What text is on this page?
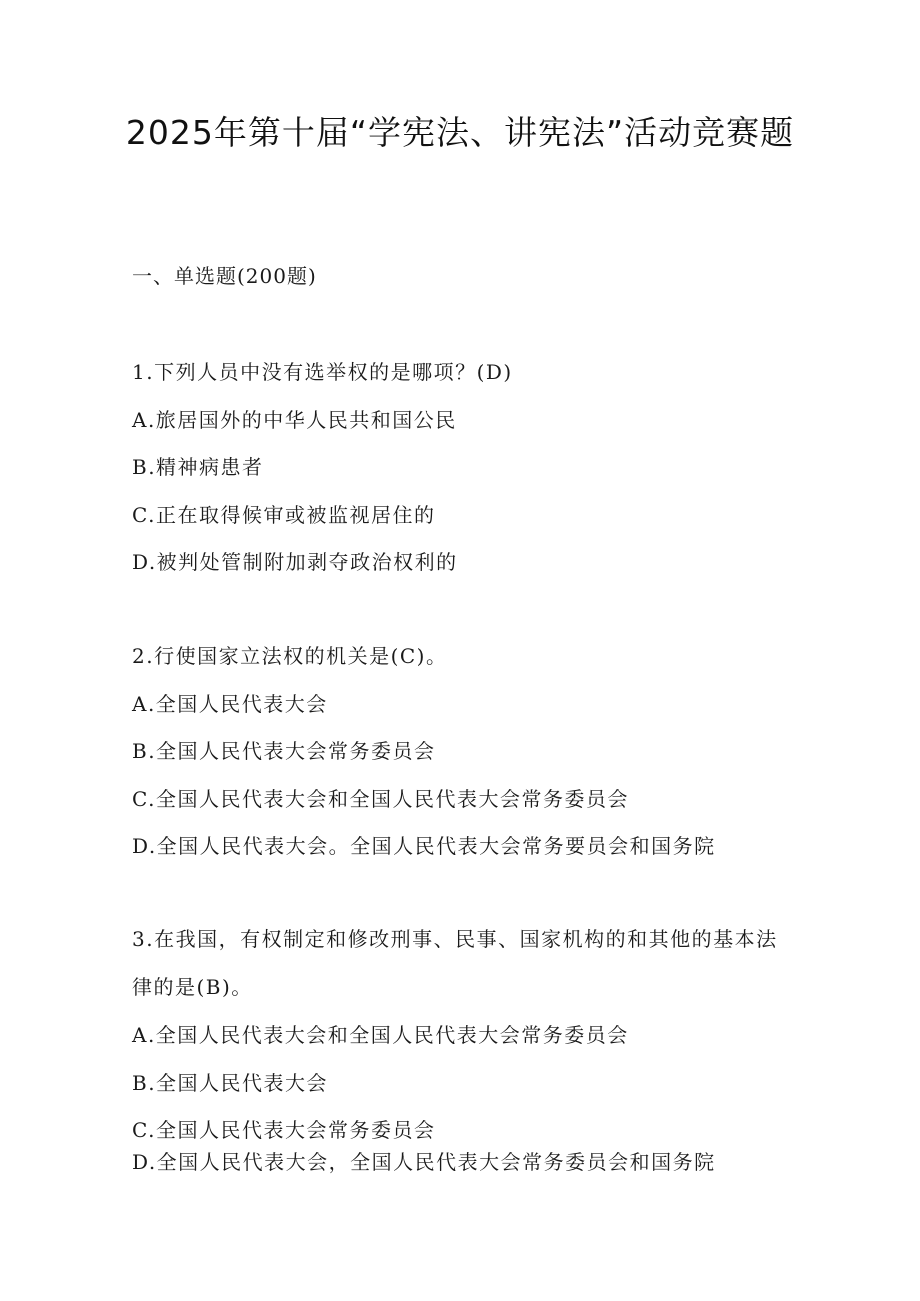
2025年第十届“学宪法、讲宪法”活动竞赛题
一、单选题(200题)

1.下列人员中没有选举权的是哪项？(D)

A.旅居国外的中华人民共和国公民

B.精神病患者

C.正在取得候审或被监视居住的

D.被判处管制附加剥夺政治权利的

2.行使国家立法权的机关是(C)。

A.全国人民代表大会

B.全国人民代表大会常务委员会

C.全国人民代表大会和全国人民代表大会常务委员会

D.全国人民代表大会。全国人民代表大会常务要员会和国务院

3.在我国，有权制定和修改刑事、民事、国家机构的和其他的基本法律的是(B)。

A.全国人民代表大会和全国人民代表大会常务委员会

B.全国人民代表大会

C.全国人民代表大会常务委员会

D.全国人民代表大会，全国人民代表大会常务委员会和国务院
